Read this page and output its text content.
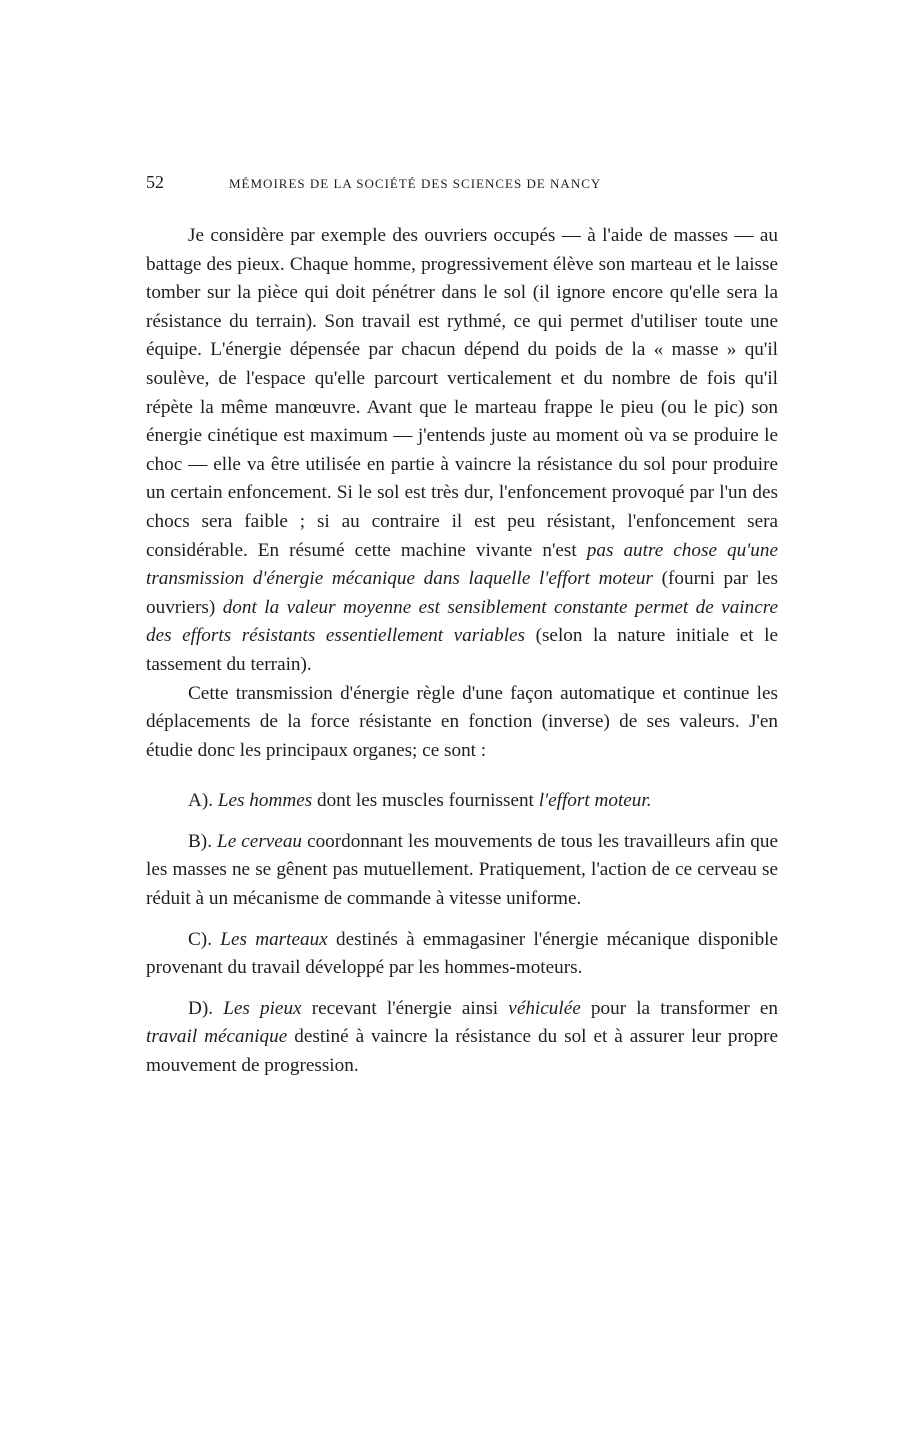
52	MÉMOIRES DE LA SOCIÉTÉ DES SCIENCES DE NANCY

Je considère par exemple des ouvriers occupés — à l'aide de masses — au battage des pieux. Chaque homme, progressivement élève son marteau et le laisse tomber sur la pièce qui doit pénétrer dans le sol (il ignore encore qu'elle sera la résistance du terrain). Son travail est rythmé, ce qui permet d'utiliser toute une équipe. L'énergie dépensée par chacun dépend du poids de la « masse » qu'il soulève, de l'espace qu'elle parcourt verticalement et du nombre de fois qu'il répète la même manœuvre. Avant que le marteau frappe le pieu (ou le pic) son énergie cinétique est maximum — j'entends juste au moment où va se produire le choc — elle va être utilisée en partie à vaincre la résistance du sol pour produire un certain enfoncement. Si le sol est très dur, l'enfoncement provoqué par l'un des chocs sera faible ; si au contraire il est peu résistant, l'enfoncement sera considérable. En résumé cette machine vivante n'est pas autre chose qu'une transmission d'énergie mécanique dans laquelle l'effort moteur (fourni par les ouvriers) dont la valeur moyenne est sensiblement constante permet de vaincre des efforts résistants essentiellement variables (selon la nature initiale et le tassement du terrain).

Cette transmission d'énergie règle d'une façon automatique et continue les déplacements de la force résistante en fonction (inverse) de ses valeurs. J'en étudie donc les principaux organes; ce sont :

A). Les hommes dont les muscles fournissent l'effort moteur.

B). Le cerveau coordonnant les mouvements de tous les travailleurs afin que les masses ne se gênent pas mutuellement. Pratiquement, l'action de ce cerveau se réduit à un mécanisme de commande à vitesse uniforme.

C). Les marteaux destinés à emmagasiner l'énergie mécanique disponible provenant du travail développé par les hommes-moteurs.

D). Les pieux recevant l'énergie ainsi véhiculée pour la transformer en travail mécanique destiné à vaincre la résistance du sol et à assurer leur propre mouvement de progression.
